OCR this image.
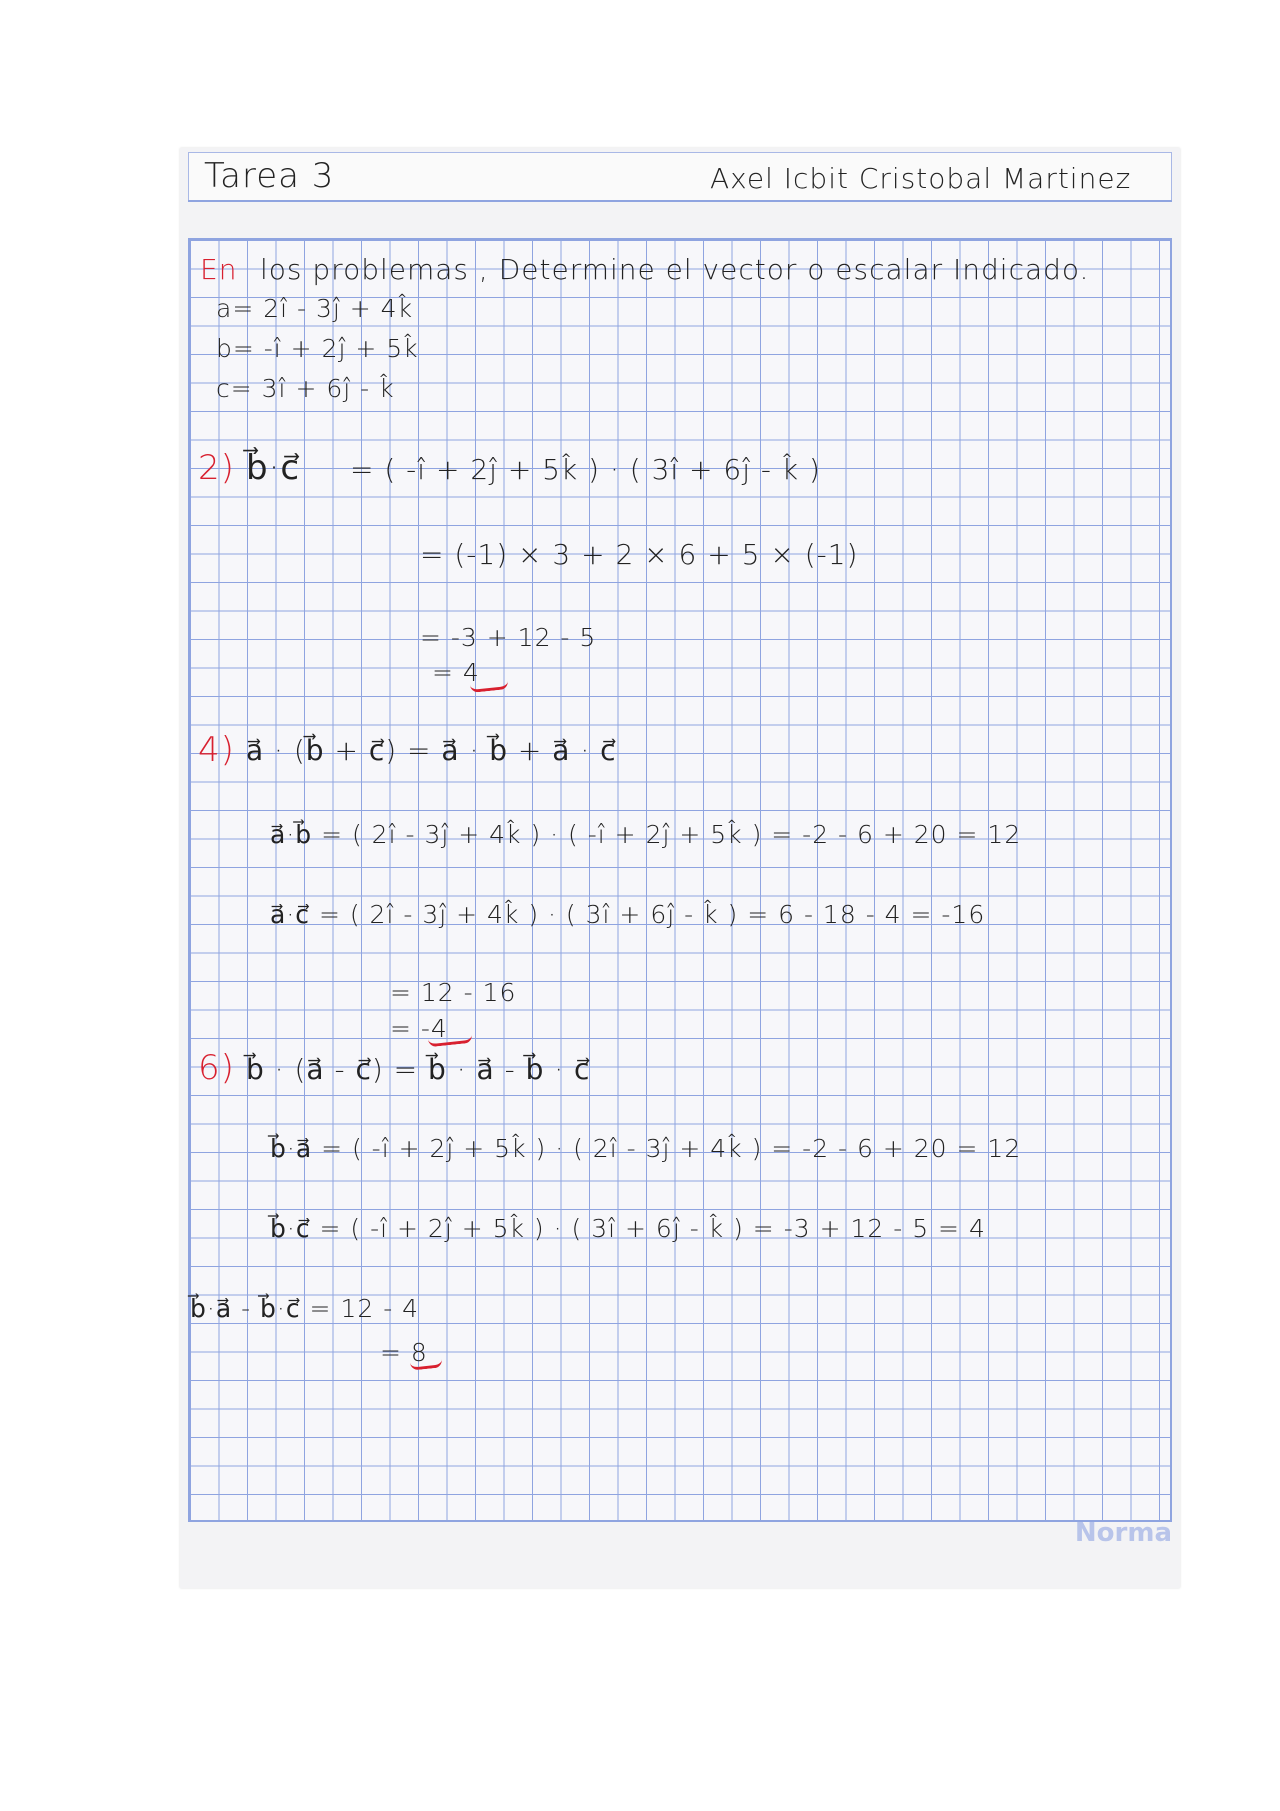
Tarea 3	Axel Icbit Cristobal Martinez
En los problemas , Determine el vector o escalar Indicado.
a= 2î - 3ĵ + 4k̂
b= -î + 2ĵ + 5k̂
c= 3î + 6ĵ - k̂
2) b⃗·c⃗ = ( -î + 2ĵ + 5k̂ ) · ( 3î + 6ĵ - k̂ )
= (-1) × 3 + 2 × 6 + 5 × (-1)
= -3 + 12 - 5
= 4
4) a⃗ · (b⃗ + c⃗) = a⃗ · b⃗ + a⃗ · c⃗
a⃗·b⃗ = ( 2î - 3ĵ + 4k̂ ) · ( -î + 2ĵ + 5k̂ ) = -2 - 6 + 20 = 12
a⃗·c⃗ = ( 2î - 3ĵ + 4k̂ ) · ( 3î + 6ĵ - k̂ ) = 6 - 18 - 4 = -16
= 12 - 16
= -4
6) b⃗ · (a⃗ - c⃗) = b⃗ · a⃗ - b⃗ · c⃗
b⃗·a⃗ = ( -î + 2ĵ + 5k̂ ) · ( 2î - 3ĵ + 4k̂ ) = -2 - 6 + 20 = 12
b⃗·c⃗ = ( -î + 2ĵ + 5k̂ ) · ( 3î + 6ĵ - k̂ ) = -3 + 12 - 5 = 4
b⃗·a⃗ - b⃗·c⃗ = 12 - 4
= 8
Norma
